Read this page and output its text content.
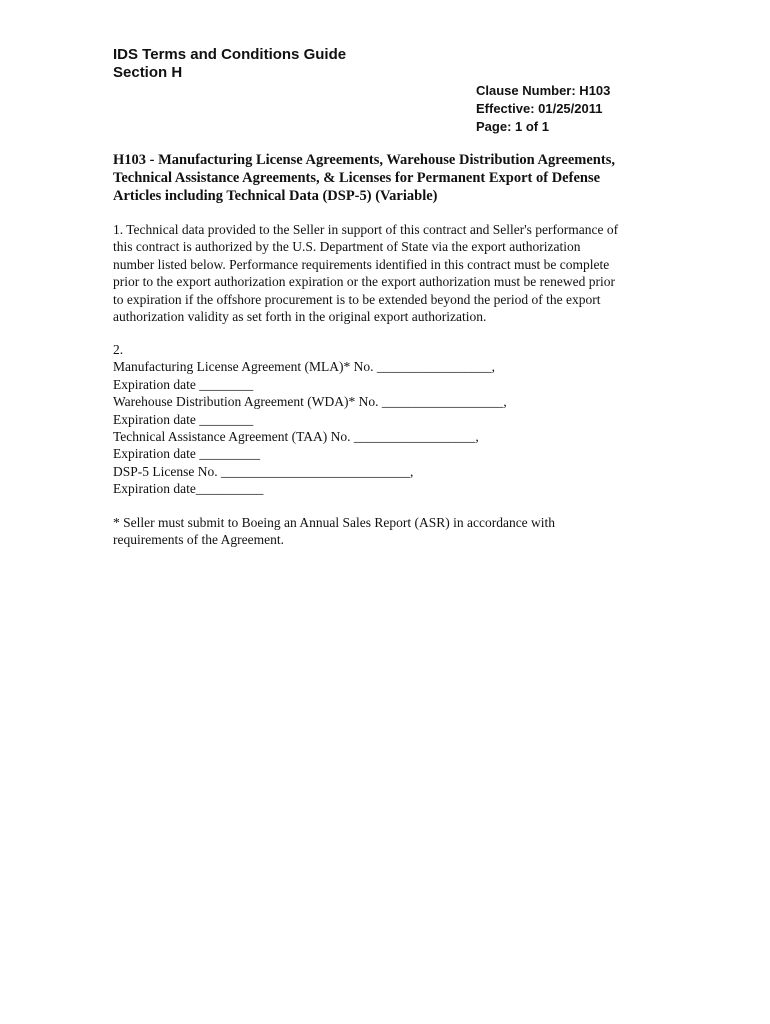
IDS Terms and Conditions Guide
Section H
Clause Number: H103
Effective: 01/25/2011
Page: 1 of 1
H103 - Manufacturing License Agreements, Warehouse Distribution Agreements,
Technical Assistance Agreements, & Licenses for Permanent Export of Defense
Articles including Technical Data (DSP-5) (Variable)
1. Technical data provided to the Seller in support of this contract and Seller's performance of
this contract is authorized by the U.S. Department of State via the export authorization
number listed below. Performance requirements identified in this contract must be complete
prior to the export authorization expiration or the export authorization must be renewed prior
to expiration if the offshore procurement is to be extended beyond the period of the export
authorization validity as set forth in the original export authorization.
2.
Manufacturing License Agreement (MLA)* No. _________________,
Expiration date ________
Warehouse Distribution Agreement (WDA)* No. __________________,
Expiration date ________
Technical Assistance Agreement (TAA) No. __________________,
Expiration date _________
DSP-5 License No. ____________________________,
Expiration date__________
* Seller must submit to Boeing an Annual Sales Report (ASR) in accordance with
requirements of the Agreement.
